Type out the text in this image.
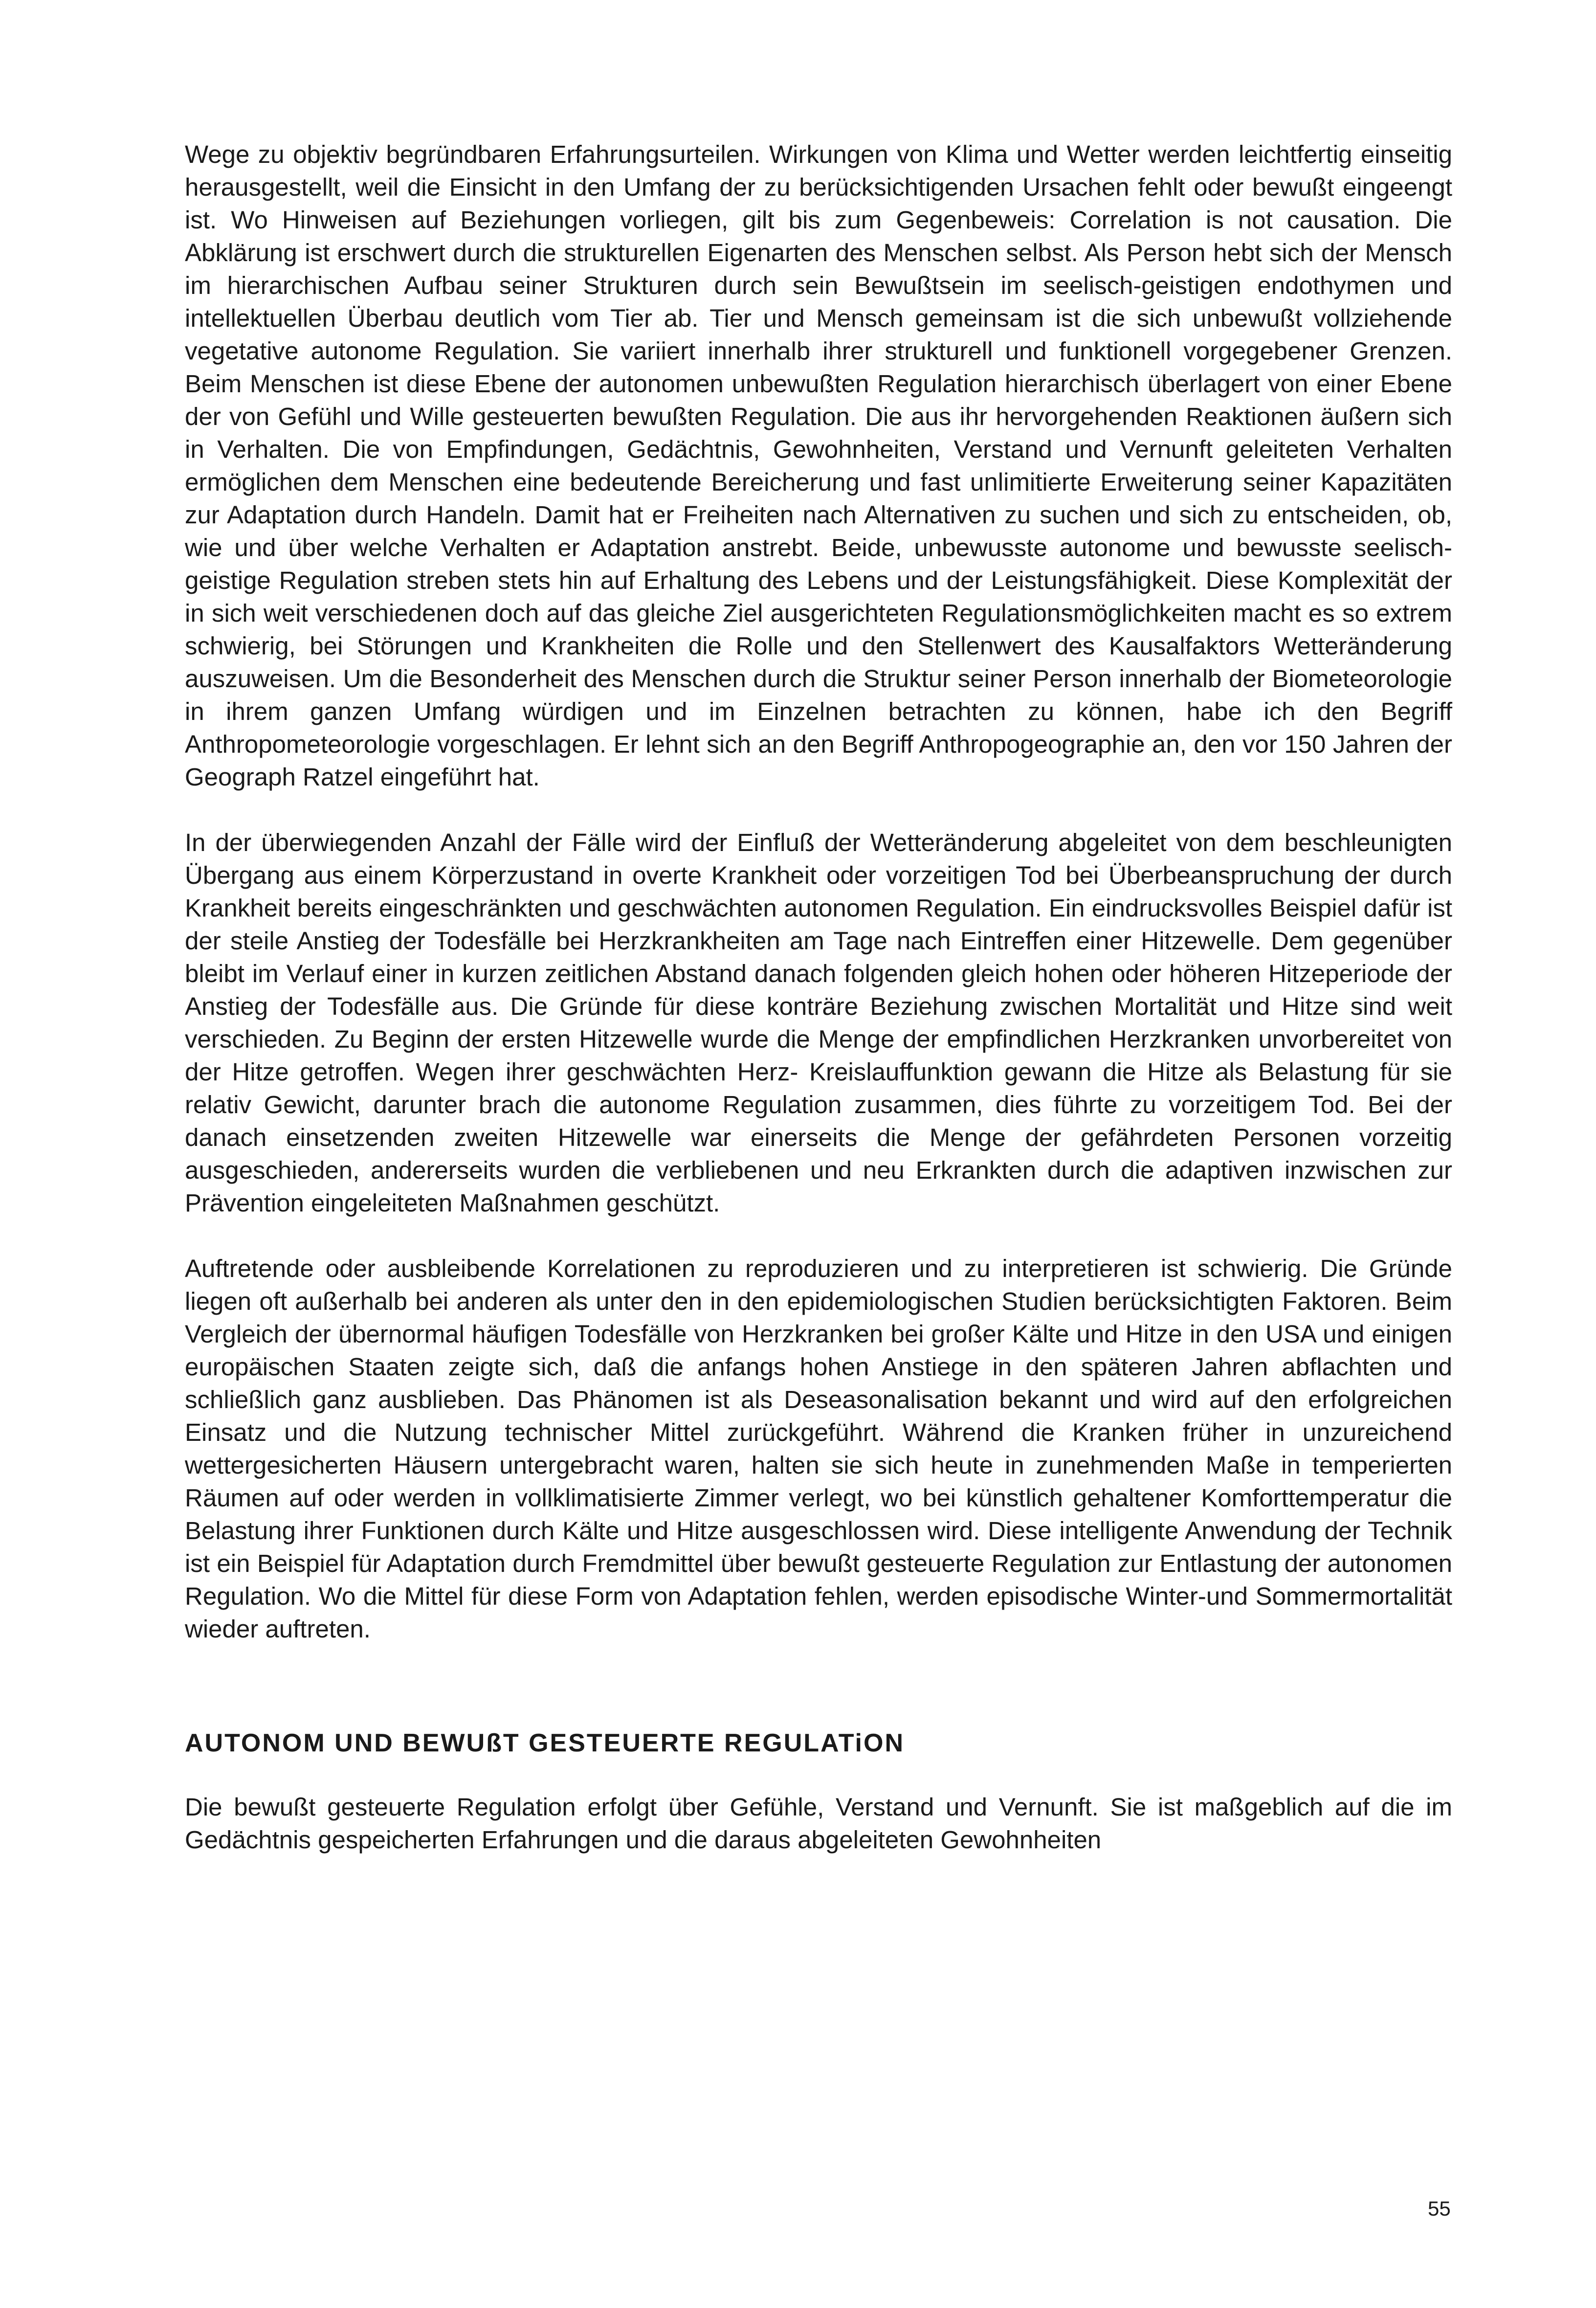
Wege zu objektiv begründbaren Erfahrungsurteilen. Wirkungen von Klima und Wetter werden leichtfertig einseitig herausgestellt, weil die Einsicht in den Umfang der zu berücksichtigenden Ursachen fehlt oder bewußt eingeengt ist. Wo Hinweisen auf Beziehungen vorliegen, gilt bis zum Gegenbeweis: Correlation is not causation. Die Abklärung ist erschwert durch die strukturellen Eigenarten des Menschen selbst. Als Person hebt sich der Mensch im hierarchischen Aufbau seiner Strukturen durch sein Bewußtsein im seelisch-geistigen endothymen und intellektuellen Überbau deutlich vom Tier ab. Tier und Mensch gemeinsam ist die sich unbewußt vollziehende vegetative autonome Regulation. Sie variiert innerhalb ihrer strukturell und funktionell vorgegebener Grenzen. Beim Menschen ist diese Ebene der autonomen unbewußten Regulation hierarchisch überlagert von einer Ebene der von Gefühl und Wille gesteuerten bewußten Regulation. Die aus ihr hervorgehenden Reaktionen äußern sich in Verhalten. Die von Empfindungen, Gedächtnis, Gewohnheiten, Verstand und Vernunft geleiteten Verhalten ermöglichen dem Menschen eine bedeutende Bereicherung und fast unlimitierte Erweiterung seiner Kapazitäten zur Adaptation durch Handeln. Damit hat er Freiheiten nach Alternativen zu suchen und sich zu entscheiden, ob, wie und über welche Verhalten er Adaptation anstrebt. Beide, unbewusste autonome und bewusste seelisch-geistige Regulation streben stets hin auf Erhaltung des Lebens und der Leistungsfähigkeit. Diese Komplexität der in sich weit verschiedenen doch auf das gleiche Ziel ausgerichteten Regulationsmöglichkeiten macht es so extrem schwierig, bei Störungen und Krankheiten die Rolle und den Stellenwert des Kausalfaktors Wetteränderung auszuweisen. Um die Besonderheit des Menschen durch die Struktur seiner Person innerhalb der Biometeorologie in ihrem ganzen Umfang würdigen und im Einzelnen betrachten zu können, habe ich den Begriff Anthropometeorologie vorgeschlagen. Er lehnt sich an den Begriff Anthropogeographie an, den vor 150 Jahren der Geograph Ratzel eingeführt hat.

In der überwiegenden Anzahl der Fälle wird der Einfluß der Wetteränderung abgeleitet von dem beschleunigten Übergang aus einem Körperzustand in overte Krankheit oder vorzeitigen Tod bei Überbeanspruchung der durch Krankheit bereits eingeschränkten und geschwächten autonomen Regulation. Ein eindrucksvolles Beispiel dafür ist der steile Anstieg der Todesfälle bei Herzkrankheiten am Tage nach Eintreffen einer Hitzewelle. Dem gegenüber bleibt im Verlauf einer in kurzen zeitlichen Abstand danach folgenden gleich hohen oder höheren Hitzeperiode der Anstieg der Todesfälle aus. Die Gründe für diese konträre Beziehung zwischen Mortalität und Hitze sind weit verschieden. Zu Beginn der ersten Hitzewelle wurde die Menge der empfindlichen Herzkranken unvorbereitet von der Hitze getroffen. Wegen ihrer geschwächten Herz- Kreislauffunktion gewann die Hitze als Belastung für sie relativ Gewicht, darunter brach die autonome Regulation zusammen, dies führte zu vorzeitigem Tod. Bei der danach einsetzenden zweiten Hitzewelle war einerseits die Menge der gefährdeten Personen vorzeitig ausgeschieden, andererseits wurden die verbliebenen und neu Erkrankten durch die adaptiven inzwischen zur Prävention eingeleiteten Maßnahmen geschützt.

Auftretende oder ausbleibende Korrelationen zu reproduzieren und zu interpretieren ist schwierig. Die Gründe liegen oft außerhalb bei anderen als unter den in den epidemiologischen Studien berücksichtigten Faktoren. Beim Vergleich der übernormal häufigen Todesfälle von Herzkranken bei großer Kälte und Hitze in den USA und einigen europäischen Staaten zeigte sich, daß die anfangs hohen Anstiege in den späteren Jahren abflachten und schließlich ganz ausblieben. Das Phänomen ist als Deseasonalisation bekannt und wird auf den erfolgreichen Einsatz und die Nutzung technischer Mittel zurückgeführt. Während die Kranken früher in unzureichend wettergesicherten Häusern untergebracht waren, halten sie sich heute in zunehmenden Maße in temperierten Räumen auf oder werden in vollklimatisierte Zimmer verlegt, wo bei künstlich gehaltener Komforttemperatur die Belastung ihrer Funktionen durch Kälte und Hitze ausgeschlossen wird. Diese intelligente Anwendung der Technik ist ein Beispiel für Adaptation durch Fremdmittel über bewußt gesteuerte Regulation zur Entlastung der autonomen Regulation. Wo die Mittel für diese Form von Adaptation fehlen, werden episodische Winter-und Sommermortalität wieder auftreten.

AUTONOM UND BEWUßT GESTEUERTE REGULATiON

Die bewußt gesteuerte Regulation erfolgt über Gefühle, Verstand und Vernunft. Sie ist maßgeblich auf die im Gedächtnis gespeicherten Erfahrungen und die daraus abgeleiteten Gewohnheiten

55
